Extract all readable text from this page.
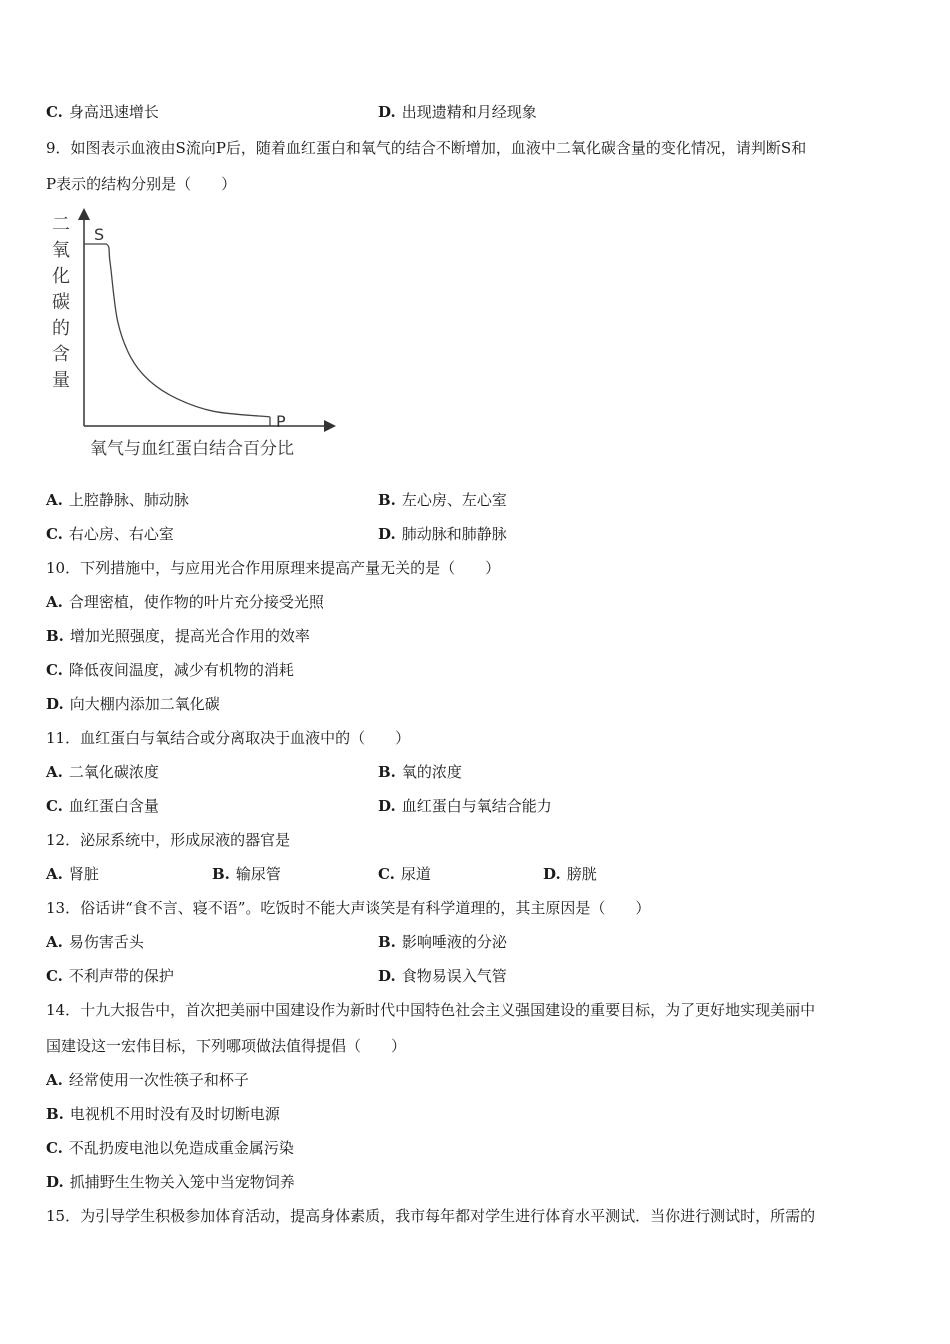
C. 身高迅速增长	D. 出现遗精和月经现象
9．如图表示血液由S流向P后，随着血红蛋白和氧气的结合不断增加，血液中二氧化碳含量的变化情况，请判断S和
P表示的结构分别是（　　）
二
氧
化
碳
的
含
量
氧气与血红蛋白结合百分比
S
P
A. 上腔静脉、肺动脉	B. 左心房、左心室
C. 右心房、右心室	D. 肺动脉和肺静脉
10．下列措施中，与应用光合作用原理来提高产量无关的是（　　）
A. 合理密植，使作物的叶片充分接受光照
B. 增加光照强度，提高光合作用的效率
C. 降低夜间温度，减少有机物的消耗
D. 向大棚内添加二氧化碳
11．血红蛋白与氧结合或分离取决于血液中的（　　）
A. 二氧化碳浓度	B. 氧的浓度
C. 血红蛋白含量	D. 血红蛋白与氧结合能力
12．泌尿系统中，形成尿液的器官是
A. 肾脏	B. 输尿管	C. 尿道	D. 膀胱
13．俗话讲“食不言、寝不语”。吃饭时不能大声谈笑是有科学道理的，其主原因是（　　）
A. 易伤害舌头	B. 影响唾液的分泌
C. 不利声带的保护	D. 食物易误入气管
14．十九大报告中，首次把美丽中国建设作为新时代中国特色社会主义强国建设的重要目标，为了更好地实现美丽中
国建设这一宏伟目标，下列哪项做法值得提倡（　　）
A. 经常使用一次性筷子和杯子
B. 电视机不用时没有及时切断电源
C. 不乱扔废电池以免造成重金属污染
D. 抓捕野生生物关入笼中当宠物饲养
15．为引导学生积极参加体育活动，提高身体素质，我市每年都对学生进行体育水平测试．当你进行测试时，所需的
